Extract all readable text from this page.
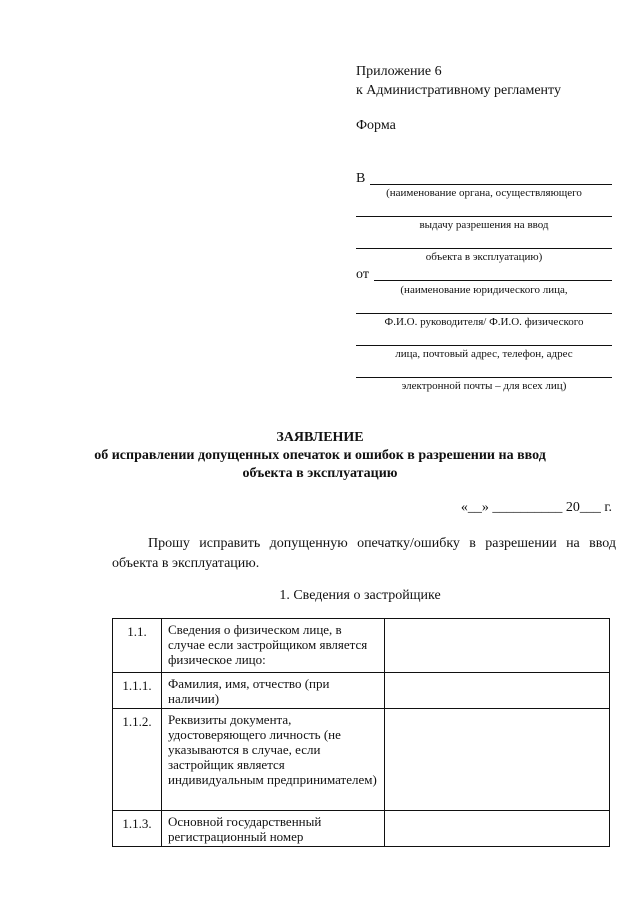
Приложение 6
к Административному регламенту
Форма
В
(наименование органа, осуществляющего
выдачу разрешения на ввод
объекта в эксплуатацию)
от
(наименование юридического лица,
Ф.И.О. руководителя/ Ф.И.О. физического
лица, почтовый адрес, телефон, адрес
электронной почты – для всех лиц)
ЗАЯВЛЕНИЕ
об исправлении допущенных опечаток и ошибок в разрешении на ввод
объекта в эксплуатацию
«__» __________ 20___ г.
Прошу исправить допущенную опечатку/ошибку в разрешении на ввод объекта в эксплуатацию.
1. Сведения о застройщике
1.1.	Сведения о физическом лице, в случае если застройщиком является физическое лицо:	
1.1.1.	Фамилия, имя, отчество (при наличии)	
1.1.2.	Реквизиты документа, удостоверяющего личность (не указываются в случае, если застройщик является индивидуальным предпринимателем)	
1.1.3.	Основной государственный регистрационный номер	
